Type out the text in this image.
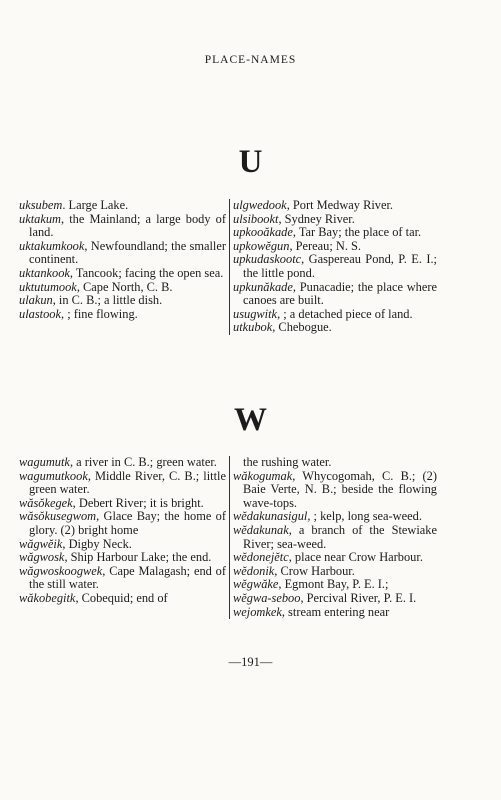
PLACE-NAMES
U
uksubem. Large Lake.
uktakum, the Mainland; a large body of land.
uktakumkook, Newfoundland; the smaller continent.
uktankook, Tancook; facing the open sea.
uktutumook, Cape North, C. B.
ulakun, in C. B.; a little dish.
ulastook, ; fine flowing.
ulgwedook, Port Medway River.
ulsibookt, Sydney River.
upkooăkade, Tar Bay; the place of tar.
upkowĕgun, Pereau; N. S.
upkudaskootc, Gaspereau Pond, P. E. I.; the little pond.
upkunăkade, Punacadie; the place where canoes are built.
usugwitk, ; a detached piece of land.
utkubok, Chebogue.
W
wagumutk, a river in C. B.; green water.
wagumutkook, Middle River, C. B.; little green water.
wăsŏkegek, Debert River; it is bright.
wăsŏkusegwom, Glace Bay; the home of glory. (2) bright home
wăgwĕik, Digby Neck.
wăgwosk, Ship Harbour Lake; the end.
wăgwoskoogwek, Cape Malagash; end of the still water.
wăkobegitk, Cobequid; end of
the rushing water.
wăkogumak, Whycogomah, C. B.; (2) Baie Verte, N. B.; beside the flowing wave-tops.
wĕdakunasigul, ; kelp, long sea-weed.
wĕdakunak, a branch of the Stewiake River; sea-weed.
wĕdonejĕtc, place near Crow Harbour.
wĕdonik, Crow Harbour.
wĕgwăke, Egmont Bay, P. E. I.;
wĕgwa-seboo, Percival River, P. E. I.
wejomkek, stream entering near
—191—
